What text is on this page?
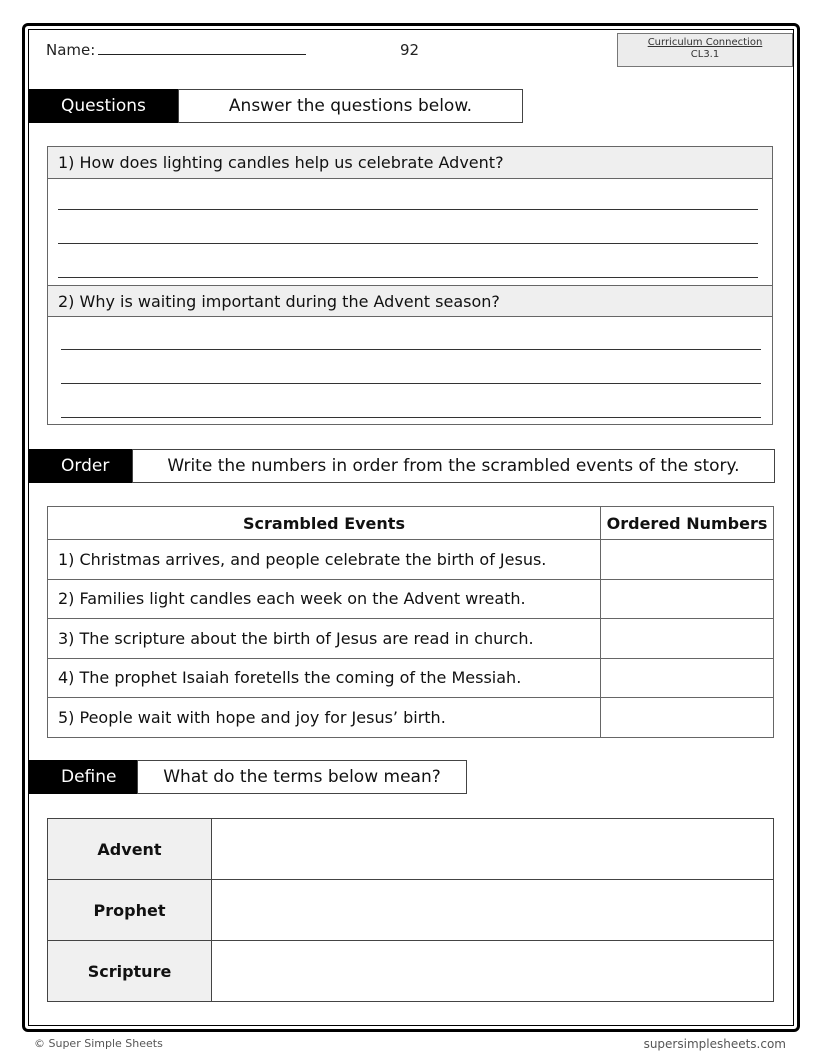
Name:	92	Curriculum Connection
CL3.1
Questions	Answer the questions below.
1) How does lighting candles help us celebrate Advent?
2) Why is waiting important during the Advent season?
Order	Write the numbers in order from the scrambled events of the story.
Scrambled Events	Ordered Numbers
1) Christmas arrives, and people celebrate the birth of Jesus.	
2) Families light candles each week on the Advent wreath.	
3) The scripture about the birth of Jesus are read in church.	
4) The prophet Isaiah foretells the coming of the Messiah.	
5) People wait with hope and joy for Jesus’ birth.	
Define	What do the terms below mean?
Advent	
Prophet	
Scripture	
© Super Simple Sheets	supersimplesheets.com
